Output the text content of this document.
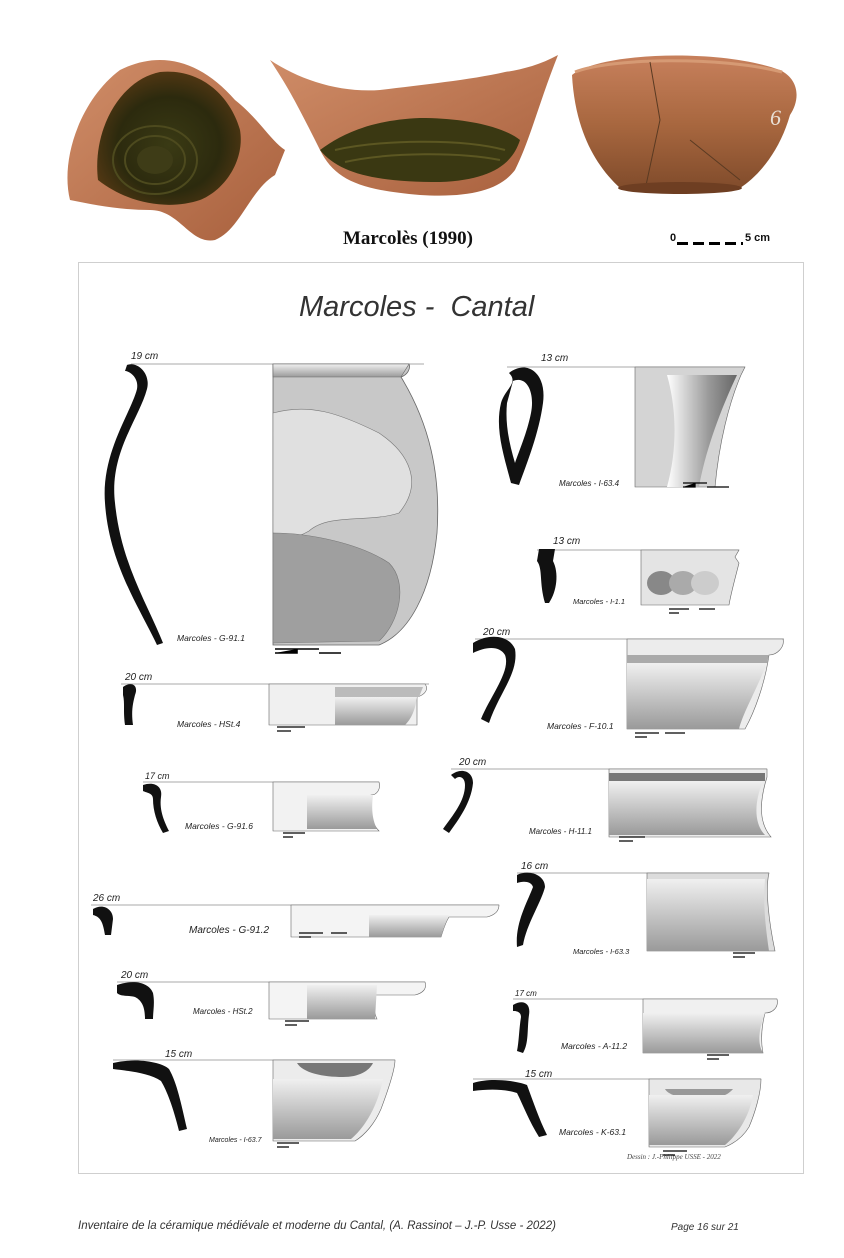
6
Marcolès (1990)	0	5 cm
Marcoles -  Cantal
19 cm	13 cm
13 cm
20 cm
20 cm
17 cm
20 cm
16 cm
26 cm
20 cm
17 cm
15 cm
15 cm
Marcoles - G-91.1
Marcoles - I-63.4
Marcoles - I-1.1
Marcoles - F-10.1
Marcoles - HSt.4
Marcoles - G-91.6
Marcoles - H-11.1
Marcoles - I-63.3
Marcoles - G-91.2
Marcoles - HSt.2
Marcoles - A-11.2
Marcoles - I-63.7
Marcoles - K-63.1
Dessin : J.-Philippe USSE - 2022
Inventaire de la céramique médiévale et moderne du Cantal, (A. Rassinot – J.-P. Usse - 2022)	Page 16 sur 21
